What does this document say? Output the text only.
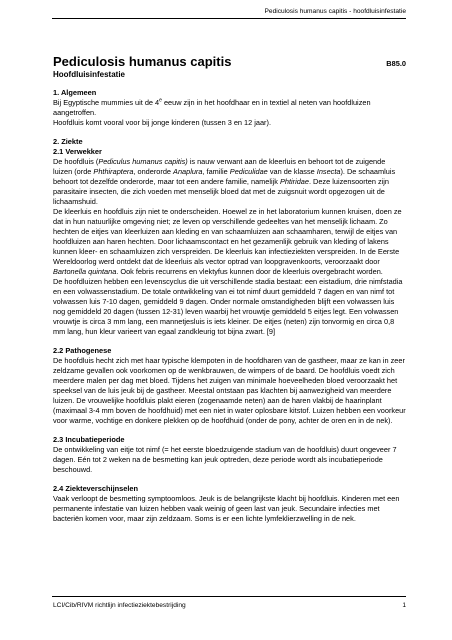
Pediculosis humanus capitis - hoofdluisinfestatie
Pediculosis humanus capitis	B85.0
Hoofdluisinfestatie
1. Algemeen

Bij Egyptische mummies uit de 4e eeuw zijn in het hoofdhaar en in textiel al neten van hoofdluizen aangetroffen.

Hoofdluis komt vooral voor bij jonge kinderen (tussen 3 en 12 jaar).

2. Ziekte
2.1 Verwekker

De hoofdluis (Pediculus humanus capitis) is nauw verwant aan de kleerluis en behoort tot de zuigende luizen (orde Phthiraptera, onderorde Anaplura, familie Pediculidae van de klasse Insecta). De schaamluis behoort tot dezelfde onderorde, maar tot een andere familie, namelijk Phtiridae. Deze luizensoorten zijn parasitaire insecten, die zich voeden met menselijk bloed dat met de zuigsnuit wordt opgezogen uit de lichaamshuid.

De kleerluis en hoofdluis zijn niet te onderscheiden. Hoewel ze in het laboratorium kunnen kruisen, doen ze dat in hun natuurlijke omgeving niet; ze leven op verschillende gedeeltes van het menselijk lichaam. Zo hechten de eitjes van kleerluizen aan kleding en van schaamluizen aan schaamharen, terwijl de eitjes van hoofdluizen aan haren hechten. Door lichaamscontact en het gezamenlijk gebruik van kleding of lakens kunnen kleer- en schaamluizen zich verspreiden. De kleerluis kan infectieziekten verspreiden. In de Eerste Wereldoorlog werd ontdekt dat de kleerluis als vector optrad van loopgravenkoorts, veroorzaakt door Bartonella quintana. Ook febris recurrens en vlektyfus kunnen door de kleerluis overgebracht worden.

De hoofdluizen hebben een levenscyclus die uit verschillende stadia bestaat: een eistadium, drie nimfstadia en een volwassenstadium. De totale ontwikkeling van ei tot nimf duurt gemiddeld 7 dagen en van nimf tot volwassen luis 7-10 dagen, gemiddeld 9 dagen. Onder normale omstandigheden blijft een volwassen luis nog gemiddeld 20 dagen (tussen 12-31) leven waarbij het vrouwtje gemiddeld 5 eitjes legt. Een volwassen vrouwtje is circa 3 mm lang, een mannetjesluis is iets kleiner. De eitjes (neten) zijn tonvormig en circa 0,8 mm lang, hun kleur varieert van egaal zandkleurig tot bijna zwart. [9]

2.2 Pathogenese

De hoofdluis hecht zich met haar typische klempoten in de hoofdharen van de gastheer, maar ze kan in zeer zeldzame gevallen ook voorkomen op de wenkbrauwen, de wimpers of de baard. De hoofdluis voedt zich meerdere malen per dag met bloed. Tijdens het zuigen van minimale hoeveelheden bloed veroorzaakt het speeksel van de luis jeuk bij de gastheer. Meestal ontstaan pas klachten bij aanwezigheid van meerdere luizen. De vrouwelijke hoofdluis plakt eieren (zogenaamde neten) aan de haren vlakbij de haarinplant (maximaal 3-4 mm boven de hoofdhuid) met een niet in water oplosbare kitstof. Luizen hebben een voorkeur voor warme, vochtige en donkere plekken op de hoofdhuid (onder de pony, achter de oren en in de nek).

2.3 Incubatieperiode

De ontwikkeling van eitje tot nimf (= het eerste bloedzuigende stadium van de hoofdluis) duurt ongeveer 7 dagen. Eén tot 2 weken na de besmetting kan jeuk optreden, deze periode wordt als incubatieperiode beschouwd.

2.4 Ziekteverschijnselen

Vaak verloopt de besmetting symptoomloos. Jeuk is de belangrijkste klacht bij hoofdluis. Kinderen met een permanente infestatie van luizen hebben vaak weinig of geen last van jeuk. Secundaire infecties met bacteriën komen voor, maar zijn zeldzaam. Soms is er een lichte lymfeklierzwelling in de nek.

LCI/Cib/RIVM richtlijn infectieziektebestrijding	1
